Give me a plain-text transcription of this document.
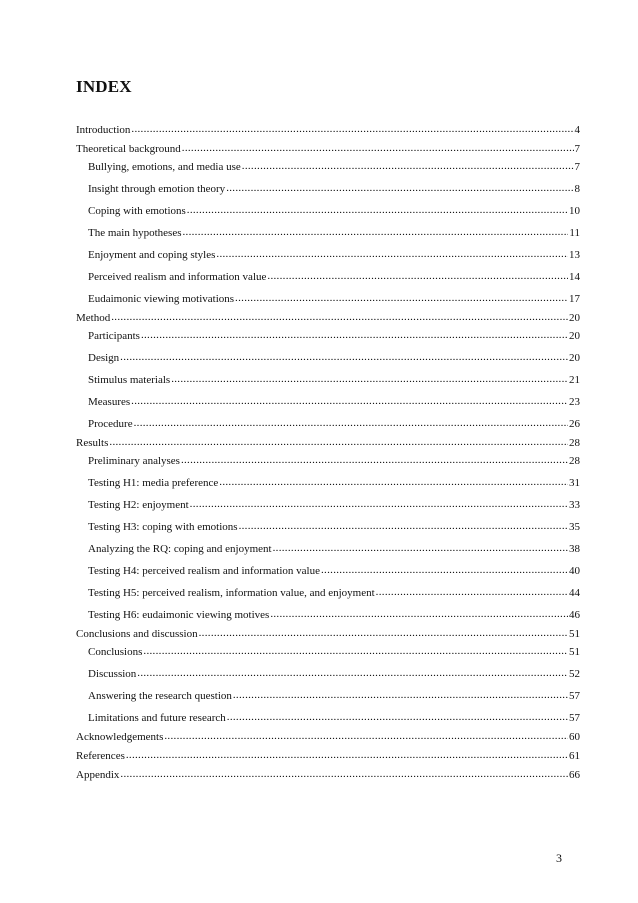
INDEX
Introduction .....	4
Theoretical background .....	7
Bullying, emotions, and media use .....	7
Insight through emotion theory .....	8
Coping with emotions .....	10
The main hypotheses .....	11
Enjoyment and coping styles .....	13
Perceived realism and information value .....	14
Eudaimonic viewing motivations .....	17
Method .....	20
Participants .....	20
Design .....	20
Stimulus materials .....	21
Measures .....	23
Procedure .....	26
Results .....	28
Preliminary analyses .....	28
Testing H1: media preference .....	31
Testing H2: enjoyment .....	33
Testing H3: coping with emotions .....	35
Analyzing the RQ: coping and enjoyment .....	38
Testing H4: perceived realism and information value .....	40
Testing H5: perceived realism, information value, and enjoyment .....	44
Testing H6: eudaimonic viewing motives .....	46
Conclusions and discussion .....	51
Conclusions .....	51
Discussion .....	52
Answering the research question .....	57
Limitations and future research .....	57
Acknowledgements .....	60
References .....	61
Appendix .....	66
3
